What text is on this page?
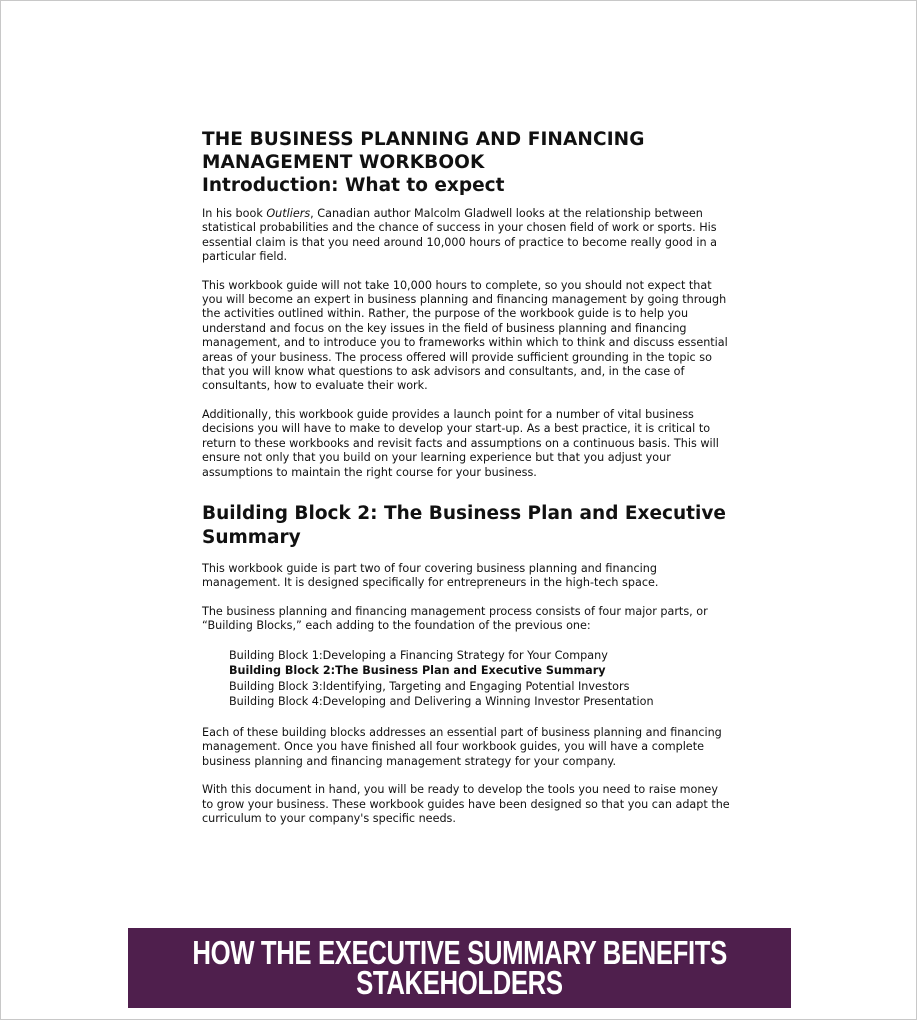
THE BUSINESS PLANNING AND FINANCING
MANAGEMENT WORKBOOK
Introduction: What to expect

In his book Outliers, Canadian author Malcolm Gladwell looks at the relationship between statistical probabilities and the chance of success in your chosen field of work or sports. His essential claim is that you need around 10,000 hours of practice to become really good in a particular field.

This workbook guide will not take 10,000 hours to complete, so you should not expect that you will become an expert in business planning and financing management by going through the activities outlined within. Rather, the purpose of the workbook guide is to help you understand and focus on the key issues in the field of business planning and financing management, and to introduce you to frameworks within which to think and discuss essential areas of your business. The process offered will provide sufficient grounding in the topic so that you will know what questions to ask advisors and consultants, and, in the case of consultants, how to evaluate their work.

Additionally, this workbook guide provides a launch point for a number of vital business decisions you will have to make to develop your start-up. As a best practice, it is critical to return to these workbooks and revisit facts and assumptions on a continuous basis. This will ensure not only that you build on your learning experience but that you adjust your assumptions to maintain the right course for your business.

Building Block 2: The Business Plan and Executive Summary

This workbook guide is part two of four covering business planning and financing management. It is designed specifically for entrepreneurs in the high-tech space.

The business planning and financing management process consists of four major parts, or “Building Blocks,” each adding to the foundation of the previous one:

Building Block 1: Developing a Financing Strategy for Your Company
Building Block 2: The Business Plan and Executive Summary
Building Block 3: Identifying, Targeting and Engaging Potential Investors
Building Block 4: Developing and Delivering a Winning Investor Presentation

Each of these building blocks addresses an essential part of business planning and financing management. Once you have finished all four workbook guides, you will have a complete business planning and financing management strategy for your company.

With this document in hand, you will be ready to develop the tools you need to raise money to grow your business. These workbook guides have been designed so that you can adapt the curriculum to your company's specific needs.

HOW THE EXECUTIVE SUMMARY BENEFITS
STAKEHOLDERS
